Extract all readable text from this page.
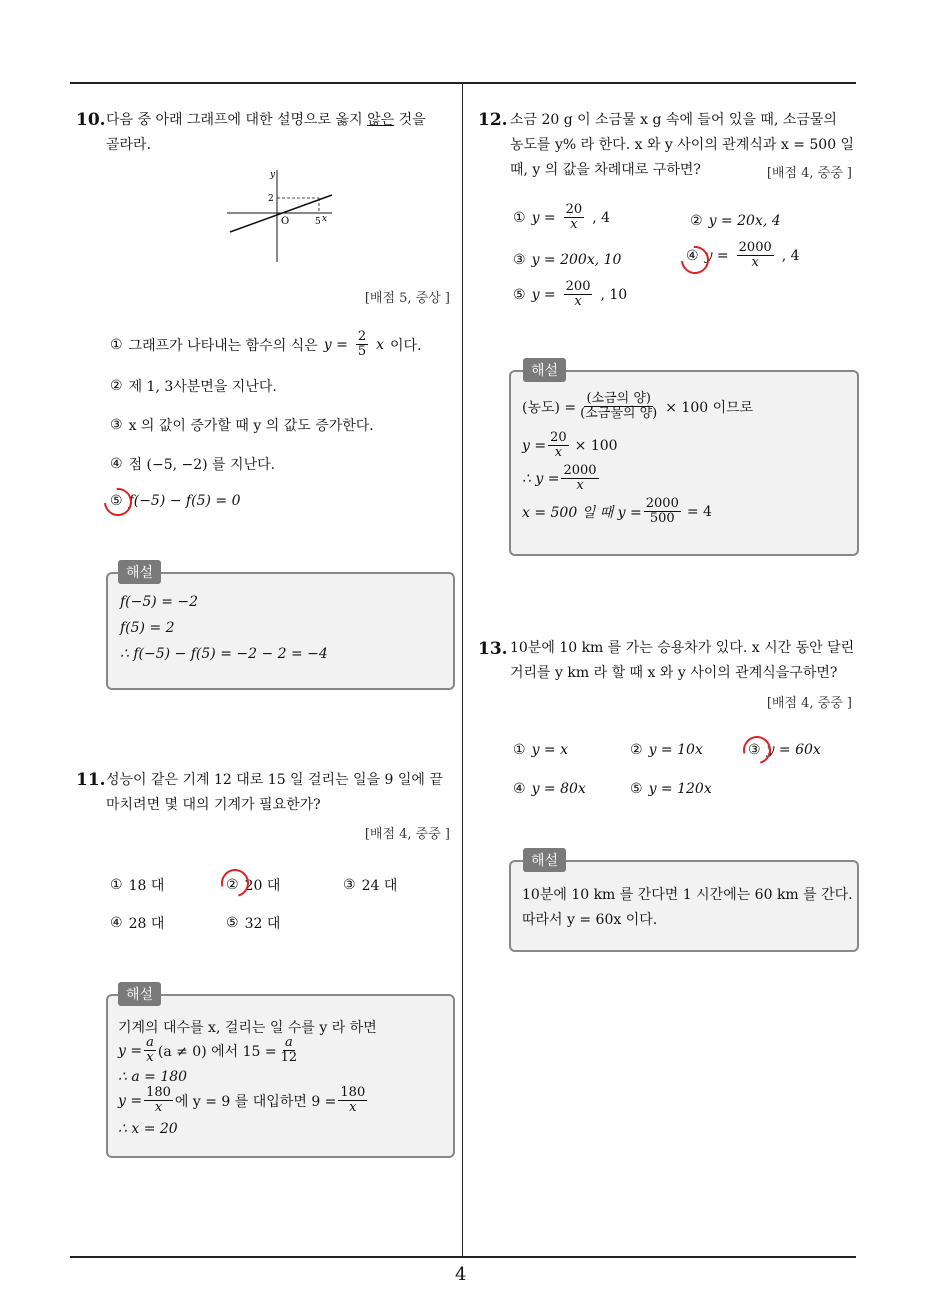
4
10. 다음 중 아래 그래프에 대한 설명으로 옳지 않은 것을
골라라.
y
x
O
2
5
[배점 5, 중상 ]
① 그래프가 나타내는 함수의 식은 $y = \frac{2}{5}$ x 이다.
② 제 1, 3사분면을 지난다.
③ x 의 값이 증가할 때 y 의 값도 증가한다.
④ 점 (−5, −2) 를 지난다.
⑤ f(−5) − f(5) = 0
해설
f(−5) = −2
f(5) = 2
∴ f(−5) − f(5) = −2 − 2 = −4
11. 성능이 같은 기계 12 대로 15 일 걸리는 일을 9 일에 끝
마치려면 몇 대의 기계가 필요한가?
[배점 4, 중중 ]
① 18 대	② 20 대	③ 24 대
④ 28 대	⑤ 32 대
해설
기계의 대수를 x, 걸리는 일 수를 y 라 하면
$y = \frac{a}{x} (a \ne 0)$ 에서 $15 = \frac{a}{12}$
∴ a = 180
$y = \frac{180}{x}$ 에 y = 9 를 대입하면 $9 = \frac{180}{x}$
∴ x = 20
12. 소금 20 g 이 소금물 x g 속에 들어 있을 때, 소금물의
농도를 y% 라 한다. x 와 y 사이의 관계식과 x = 500 일
때, y 의 값을 차례대로 구하면?	[배점 4, 중중 ]
① $y = \frac{20}{x}$ , 4	② y = 20x, 4
③ y = 200x, 10	④ $y = \frac{2000}{x}$ , 4
⑤ $y = \frac{200}{x}$ , 10
해설
(농도) = $\frac{\text{(소금의 양)}}{\text{(소금물의 양)}} \times 100$ 이므로
$y = \frac{20}{x} \times 100$
∴ $y = \frac{2000}{x}$
x = 500 일 때 $y = \frac{2000}{500} = 4$
13. 10분에 10 km 를 가는 승용차가 있다. x 시간 동안 달린
거리를 y km 라 할 때 x 와 y 사이의 관계식을구하면?
[배점 4, 중중 ]
① y = x	② y = 10x	③ y = 60x
④ y = 80x	⑤ y = 120x
해설
10분에 10 km 를 간다면 1 시간에는 60 km 를 간다.
따라서 y = 60x 이다.
